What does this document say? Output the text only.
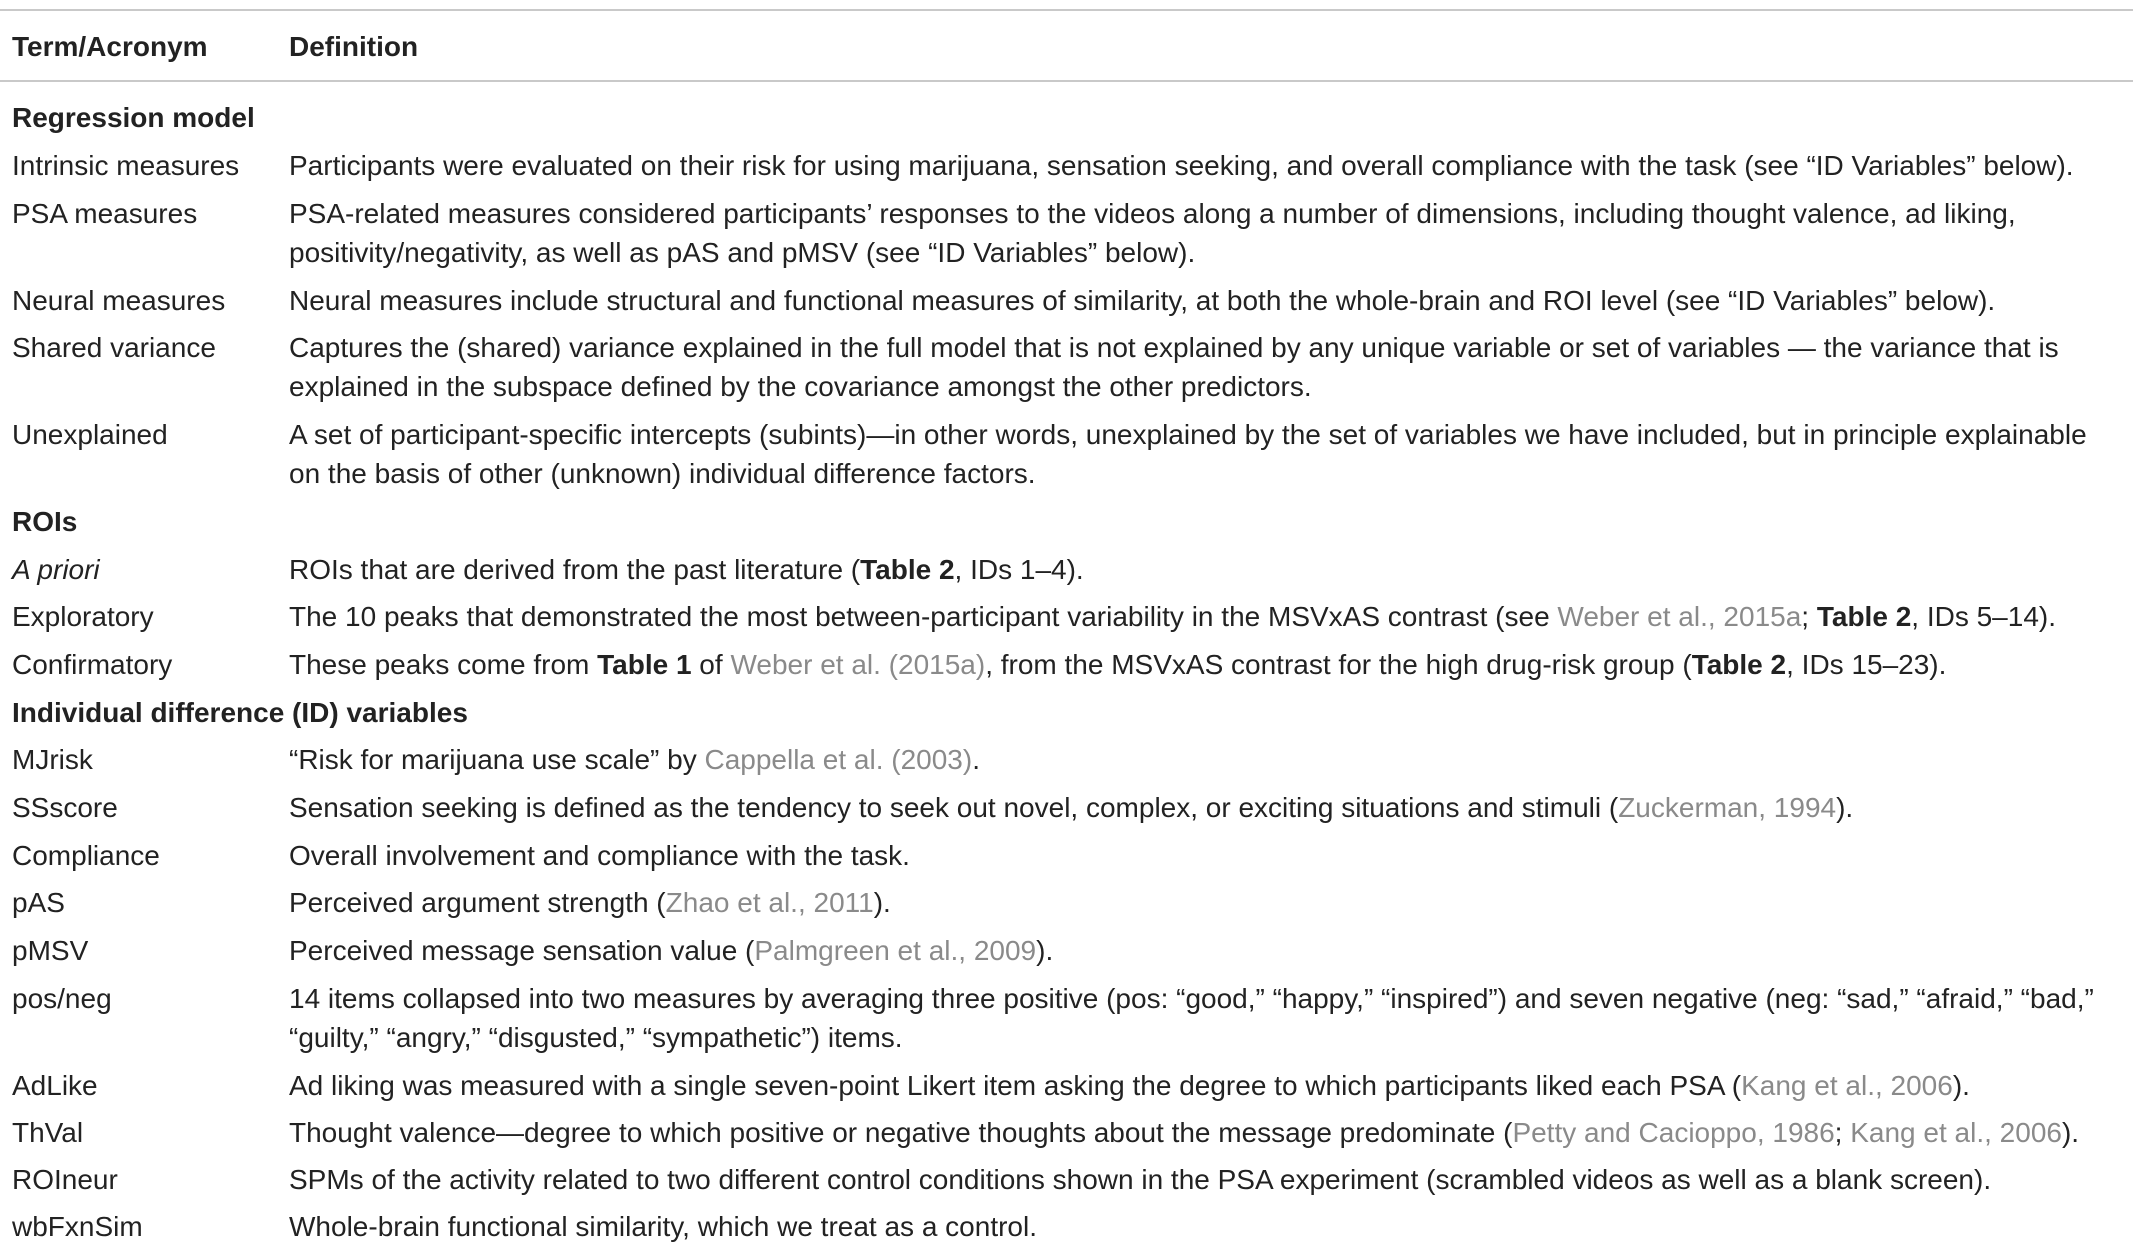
Term/Acronym	Definition
Regression model
Intrinsic measures	Participants were evaluated on their risk for using marijuana, sensation seeking, and overall compliance with the task (see “ID Variables” below).
PSA measures	PSA-related measures considered participants’ responses to the videos along a number of dimensions, including thought valence, ad liking,
positivity/negativity, as well as pAS and pMSV (see “ID Variables” below).
Neural measures	Neural measures include structural and functional measures of similarity, at both the whole-brain and ROI level (see “ID Variables” below).
Shared variance	Captures the (shared) variance explained in the full model that is not explained by any unique variable or set of variables — the variance that is
explained in the subspace defined by the covariance amongst the other predictors.
Unexplained	A set of participant-specific intercepts (subints)—in other words, unexplained by the set of variables we have included, but in principle explainable
on the basis of other (unknown) individual difference factors.
ROIs
A priori	ROIs that are derived from the past literature (Table 2, IDs 1–4).
Exploratory	The 10 peaks that demonstrated the most between-participant variability in the MSVxAS contrast (see Weber et al., 2015a; Table 2, IDs 5–14).
Confirmatory	These peaks come from Table 1 of Weber et al. (2015a), from the MSVxAS contrast for the high drug-risk group (Table 2, IDs 15–23).
Individual difference (ID) variables
MJrisk	“Risk for marijuana use scale” by Cappella et al. (2003).
SSscore	Sensation seeking is defined as the tendency to seek out novel, complex, or exciting situations and stimuli (Zuckerman, 1994).
Compliance	Overall involvement and compliance with the task.
pAS	Perceived argument strength (Zhao et al., 2011).
pMSV	Perceived message sensation value (Palmgreen et al., 2009).
pos/neg	14 items collapsed into two measures by averaging three positive (pos: “good,” “happy,” “inspired”) and seven negative (neg: “sad,” “afraid,” “bad,”
“guilty,” “angry,” “disgusted,” “sympathetic”) items.
AdLike	Ad liking was measured with a single seven-point Likert item asking the degree to which participants liked each PSA (Kang et al., 2006).
ThVal	Thought valence—degree to which positive or negative thoughts about the message predominate (Petty and Cacioppo, 1986; Kang et al., 2006).
ROIneur	SPMs of the activity related to two different control conditions shown in the PSA experiment (scrambled videos as well as a blank screen).
wbFxnSim	Whole-brain functional similarity, which we treat as a control.
